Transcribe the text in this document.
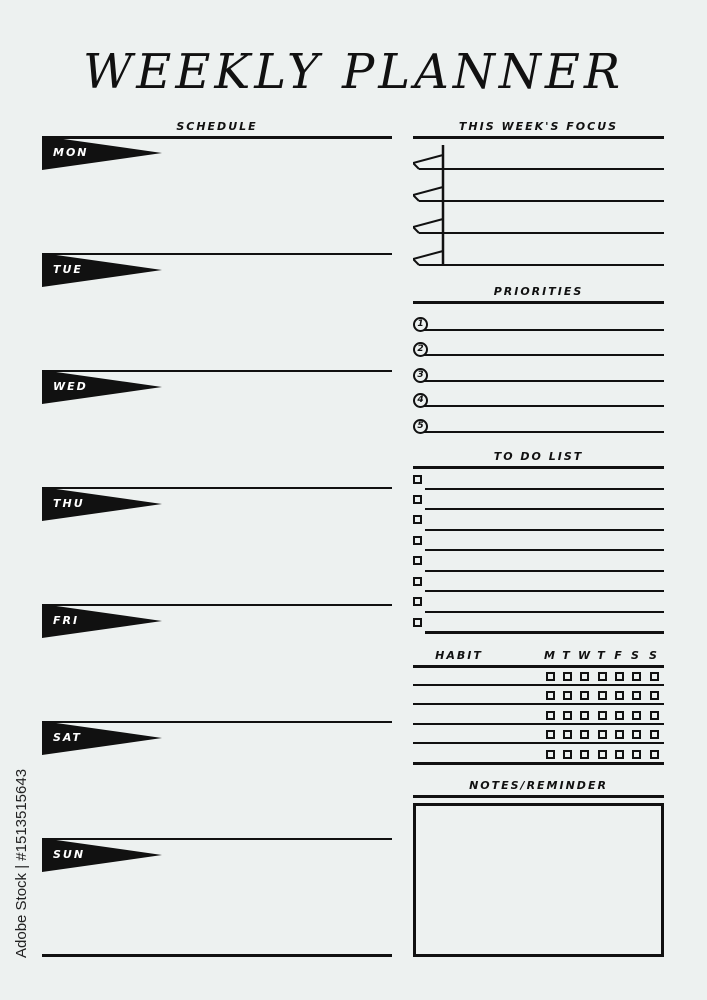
WEEKLY PLANNER
SCHEDULE
MON
TUE
WED
THU
FRI
SAT
SUN
THIS WEEK'S FOCUS
PRIORITIES
1
2
3
4
5
TO DO LIST
HABIT	M T W T F S S
NOTES/REMINDER
Adobe Stock | #1513515643
